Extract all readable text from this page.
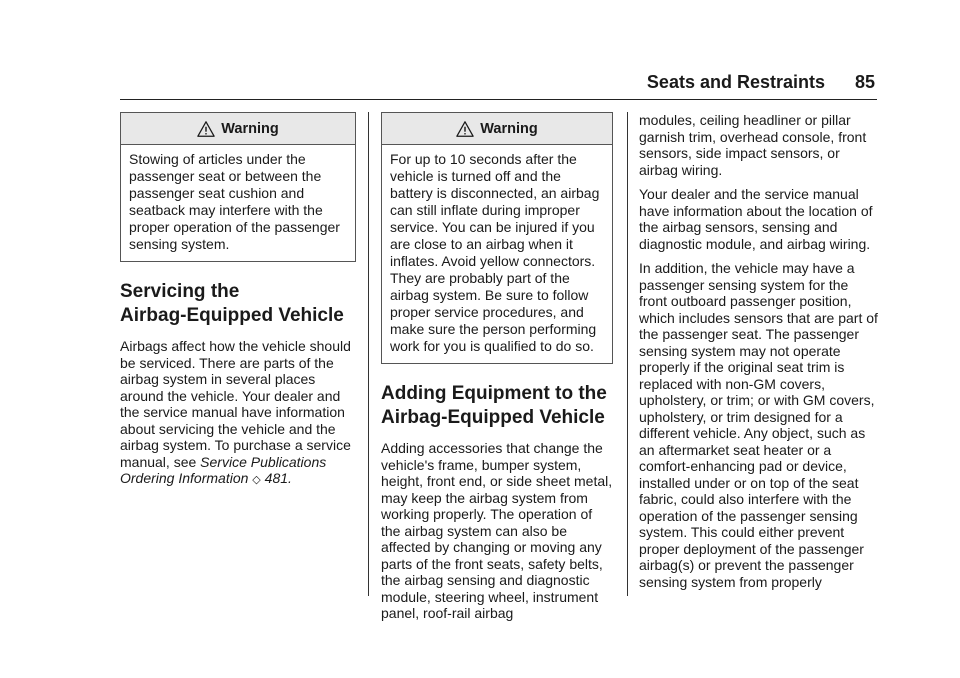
Seats and Restraints 85
Warning
Stowing of articles under the passenger seat or between the passenger seat cushion and seatback may interfere with the proper operation of the passenger sensing system.
Servicing the
Airbag-Equipped Vehicle

Airbags affect how the vehicle should be serviced. There are parts of the airbag system in several places around the vehicle. Your dealer and the service manual have information about servicing the vehicle and the airbag system. To purchase a service manual, see Service Publications Ordering Information ◇ 481.

Warning
For up to 10 seconds after the vehicle is turned off and the battery is disconnected, an airbag can still inflate during improper service. You can be injured if you are close to an airbag when it inflates. Avoid yellow connectors. They are probably part of the airbag system. Be sure to follow proper service procedures, and make sure the person performing work for you is qualified to do so.
Adding Equipment to the
Airbag-Equipped Vehicle

Adding accessories that change the vehicle's frame, bumper system, height, front end, or side sheet metal, may keep the airbag system from working properly. The operation of the airbag system can also be affected by changing or moving any parts of the front seats, safety belts, the airbag sensing and diagnostic module, steering wheel, instrument panel, roof-rail airbag

modules, ceiling headliner or pillar garnish trim, overhead console, front sensors, side impact sensors, or airbag wiring.

Your dealer and the service manual have information about the location of the airbag sensors, sensing and diagnostic module, and airbag wiring.

In addition, the vehicle may have a passenger sensing system for the front outboard passenger position, which includes sensors that are part of the passenger seat. The passenger sensing system may not operate properly if the original seat trim is replaced with non-GM covers, upholstery, or trim; or with GM covers, upholstery, or trim designed for a different vehicle. Any object, such as an aftermarket seat heater or a comfort-enhancing pad or device, installed under or on top of the seat fabric, could also interfere with the operation of the passenger sensing system. This could either prevent proper deployment of the passenger airbag(s) or prevent the passenger sensing system from properly
